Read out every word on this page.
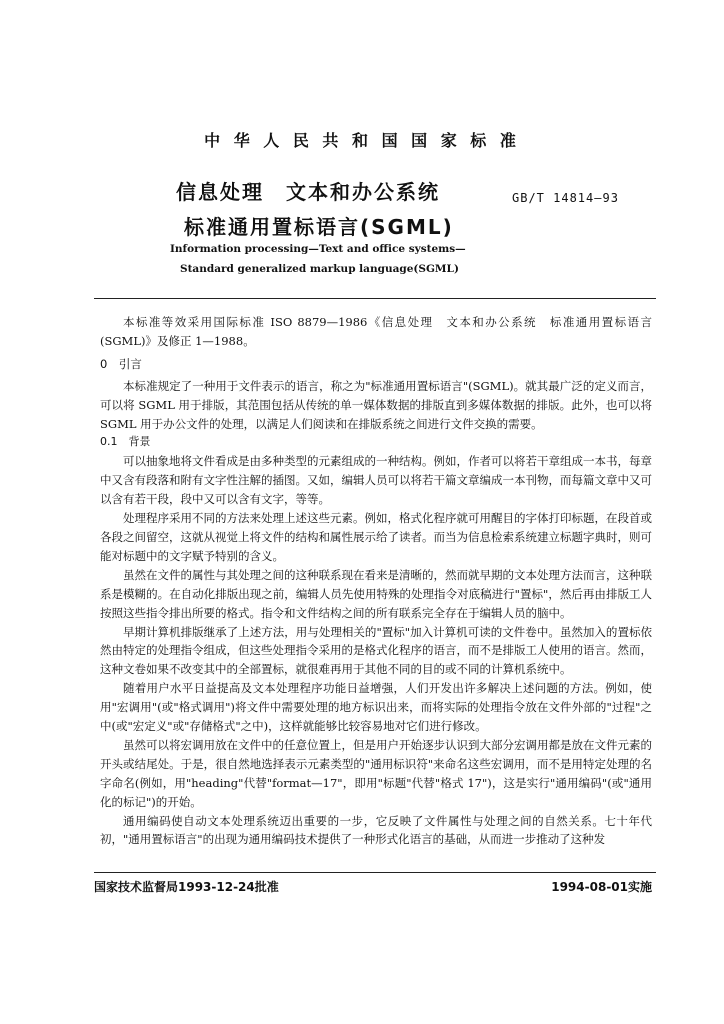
中 华 人 民 共 和 国 国 家 标 准
信息处理 文本和办公系统
标准通用置标语言(SGML)
GB/T 14814—93
Information processing—Text and office systems—
Standard generalized markup language(SGML)

本标准等效采用国际标准 ISO 8879—1986《信息处理　文本和办公系统　标准通用置标语言(SGML)》及修正 1—1988。

0　引言

本标准规定了一种用于文件表示的语言，称之为"标准通用置标语言"(SGML)。就其最广泛的定义而言，可以将 SGML 用于排版，其范围包括从传统的单一媒体数据的排版直到多媒体数据的排版。此外，也可以将 SGML 用于办公文件的处理，以满足人们阅读和在排版系统之间进行文件交换的需要。

0.1　背景

可以抽象地将文件看成是由多种类型的元素组成的一种结构。例如，作者可以将若干章组成一本书，每章中又含有段落和附有文字性注解的插图。又如，编辑人员可以将若干篇文章编成一本刊物，而每篇文章中又可以含有若干段，段中又可以含有文字，等等。

处理程序采用不同的方法来处理上述这些元素。例如，格式化程序就可用醒目的字体打印标题，在段首或各段之间留空，这就从视觉上将文件的结构和属性展示给了读者。而当为信息检索系统建立标题字典时，则可能对标题中的文字赋予特别的含义。

虽然在文件的属性与其处理之间的这种联系现在看来是清晰的，然而就早期的文本处理方法而言，这种联系是模糊的。在自动化排版出现之前，编辑人员先使用特殊的处理指令对底稿进行"置标"，然后再由排版工人按照这些指令排出所要的格式。指令和文件结构之间的所有联系完全存在于编辑人员的脑中。

早期计算机排版继承了上述方法，用与处理相关的"置标"加入计算机可读的文件卷中。虽然加入的置标依然由特定的处理指令组成，但这些处理指令采用的是格式化程序的语言，而不是排版工人使用的语言。然而，这种文卷如果不改变其中的全部置标，就很难再用于其他不同的目的或不同的计算机系统中。

随着用户水平日益提高及文本处理程序功能日益增强，人们开发出许多解决上述问题的方法。例如，使用"宏调用"(或"格式调用")将文件中需要处理的地方标识出来，而将实际的处理指令放在文件外部的"过程"之中(或"宏定义"或"存储格式"之中)，这样就能够比较容易地对它们进行修改。

虽然可以将宏调用放在文件中的任意位置上，但是用户开始逐步认识到大部分宏调用都是放在文件元素的开头或结尾处。于是，很自然地选择表示元素类型的"通用标识符"来命名这些宏调用，而不是用特定处理的名字命名(例如，用"heading"代替"format—17"，即用"标题"代替"格式 17")，这是实行"通用编码"(或"通用化的标记")的开始。

通用编码使自动文本处理系统迈出重要的一步，它反映了文件属性与处理之间的自然关系。七十年代初，"通用置标语言"的出现为通用编码技术提供了一种形式化语言的基础，从而进一步推动了这种发

国家技术监督局1993-12-24批准	1994-08-01实施
